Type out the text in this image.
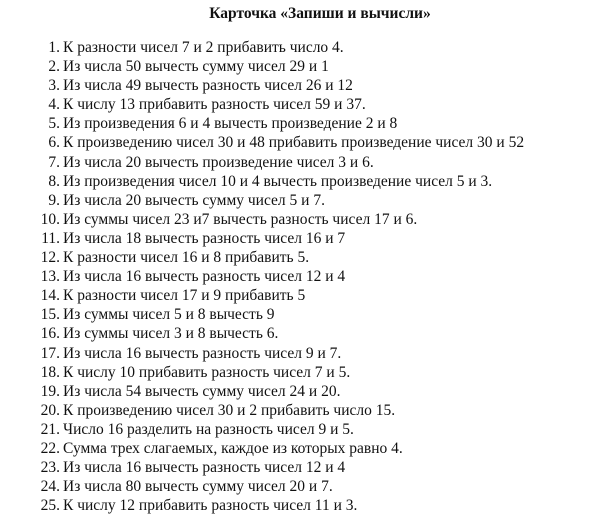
Карточка «Запиши и вычисли»
1. К разности чисел 7 и 2 прибавить число 4.
2. Из числа 50 вычесть сумму чисел 29 и 1
3. Из числа 49 вычесть разность чисел 26 и 12
4. К числу 13 прибавить разность чисел 59 и 37.
5. Из произведения 6 и 4 вычесть произведение 2 и 8
6. К произведению чисел 30 и 48 прибавить произведение чисел 30 и 52
7. Из числа 20 вычесть произведение чисел 3 и 6.
8. Из произведения чисел 10 и 4 вычесть произведение чисел 5 и 3.
9. Из числа 20 вычесть сумму чисел 5 и 7.
10. Из суммы чисел 23 и7 вычесть разность чисел 17 и 6.
11. Из числа 18 вычесть разность чисел 16 и 7
12. К разности чисел 16 и 8 прибавить 5.
13. Из числа 16 вычесть разность чисел 12 и 4
14. К разности чисел 17 и 9 прибавить 5
15. Из суммы чисел 5 и 8 вычесть 9
16. Из суммы чисел 3 и 8 вычесть 6.
17. Из числа 16 вычесть разность чисел 9 и 7.
18. К числу 10 прибавить разность чисел 7 и 5.
19. Из числа 54 вычесть сумму чисел 24 и 20.
20. К произведению чисел 30 и 2 прибавить число 15.
21. Число 16 разделить на разность чисел 9 и 5.
22. Сумма трех слагаемых, каждое из которых равно 4.
23. Из числа 16 вычесть разность чисел 12 и 4
24. Из числа 80 вычесть сумму чисел 20 и 7.
25. К числу 12 прибавить разность чисел 11 и 3.
